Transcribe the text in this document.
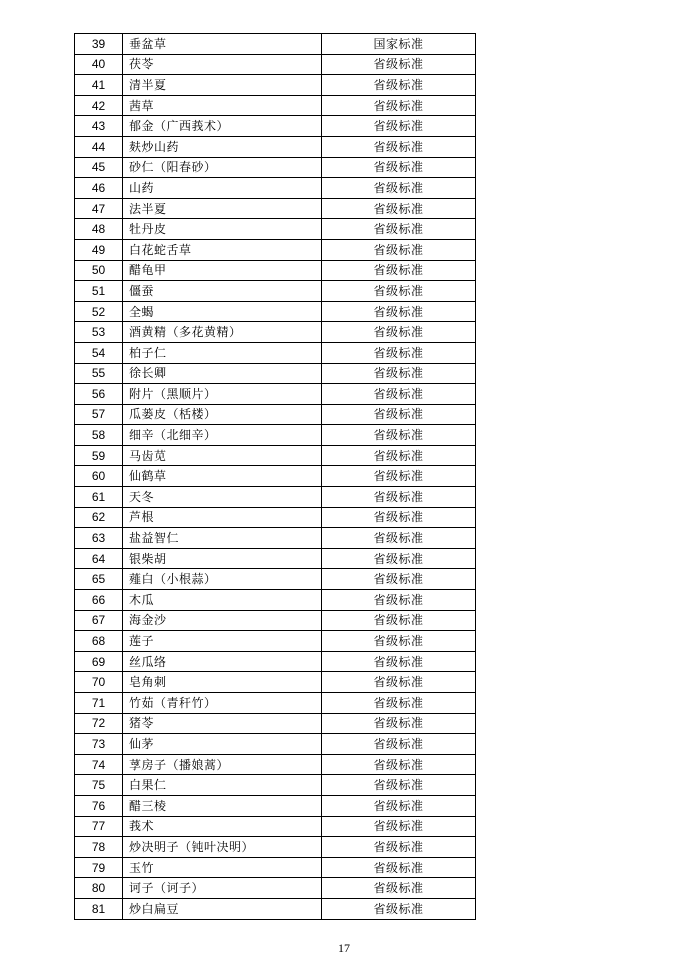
39	垂盆草	国家标准
40	茯苓	省级标准
41	清半夏	省级标准
42	茜草	省级标准
43	郁金（广西莪术）	省级标准
44	麸炒山药	省级标准
45	砂仁（阳春砂）	省级标准
46	山药	省级标准
47	法半夏	省级标准
48	牡丹皮	省级标准
49	白花蛇舌草	省级标准
50	醋龟甲	省级标准
51	僵蚕	省级标准
52	全蝎	省级标准
53	酒黄精（多花黄精）	省级标准
54	柏子仁	省级标准
55	徐长卿	省级标准
56	附片（黑顺片）	省级标准
57	瓜蒌皮（栝楼）	省级标准
58	细辛（北细辛）	省级标准
59	马齿苋	省级标准
60	仙鹤草	省级标准
61	天冬	省级标准
62	芦根	省级标准
63	盐益智仁	省级标准
64	银柴胡	省级标准
65	薤白（小根蒜）	省级标准
66	木瓜	省级标准
67	海金沙	省级标准
68	莲子	省级标准
69	丝瓜络	省级标准
70	皂角刺	省级标准
71	竹茹（青秆竹）	省级标准
72	猪苓	省级标准
73	仙茅	省级标准
74	莩房子（播娘蒿）	省级标准
75	白果仁	省级标准
76	醋三棱	省级标准
77	莪术	省级标准
78	炒决明子（钝叶决明）	省级标准
79	玉竹	省级标准
80	诃子（诃子）	省级标准
81	炒白扁豆	省级标准
17
